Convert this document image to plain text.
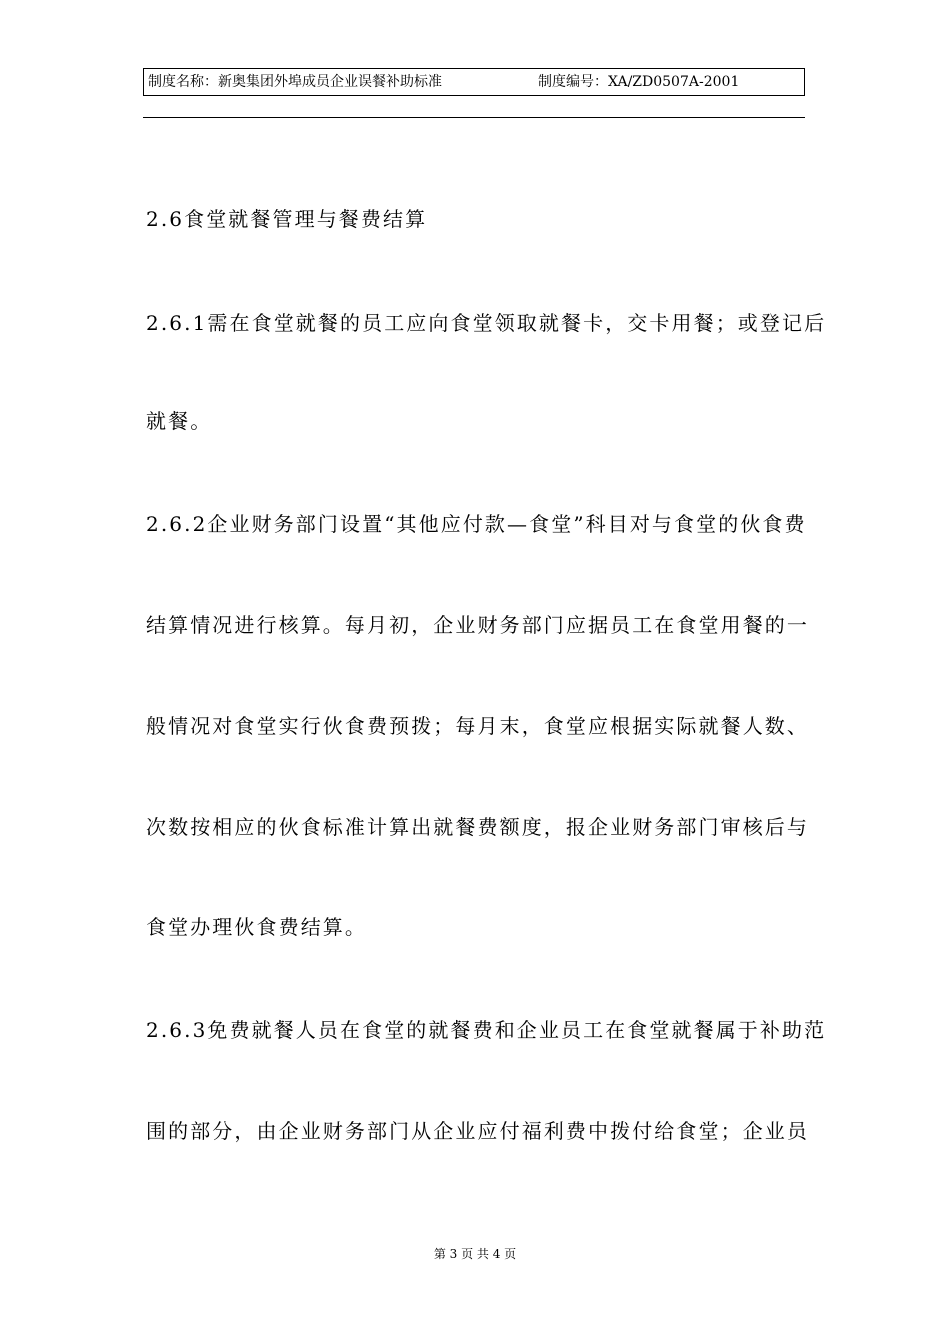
制度名称：新奥集团外埠成员企业误餐补助标准	制度编号：XA/ZD0507A-2001
2.6食堂就餐管理与餐费结算
2.6.1需在食堂就餐的员工应向食堂领取就餐卡，交卡用餐；或登记后
就餐。
2.6.2企业财务部门设置“其他应付款—食堂”科目对与食堂的伙食费
结算情况进行核算。每月初，企业财务部门应据员工在食堂用餐的一
般情况对食堂实行伙食费预拨；每月末，食堂应根据实际就餐人数、
次数按相应的伙食标准计算出就餐费额度，报企业财务部门审核后与
食堂办理伙食费结算。
2.6.3免费就餐人员在食堂的就餐费和企业员工在食堂就餐属于补助范
围的部分，由企业财务部门从企业应付福利费中拨付给食堂；企业员
第 3 页 共 4 页
